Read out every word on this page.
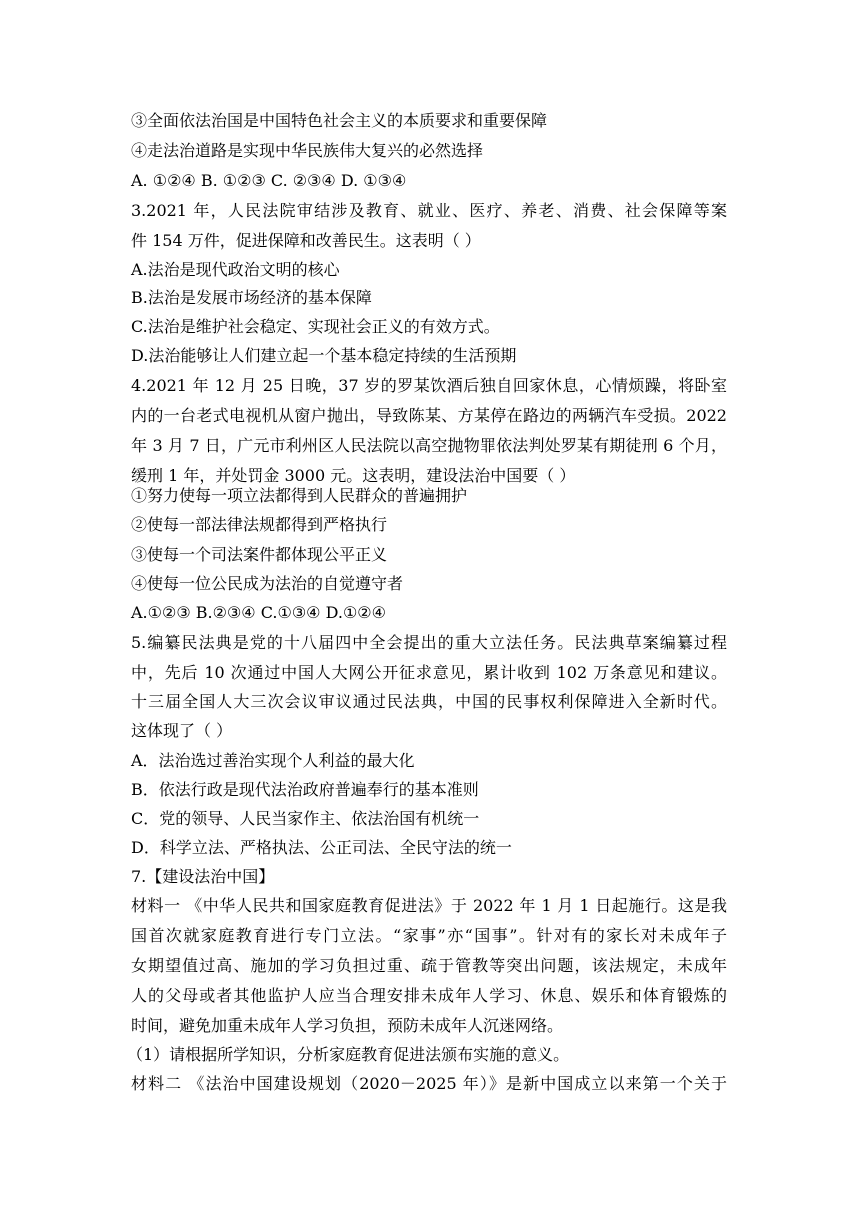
③全面依法治国是中国特色社会主义的本质要求和重要保障
④走法治道路是实现中华民族伟大复兴的必然选择
A. ①②④ B. ①②③ C. ②③④ D. ①③④
3.2021 年，人民法院审结涉及教育、就业、医疗、养老、消费、社会保障等案
件 154 万件，促进保障和改善民生。这表明（ ）
A.法治是现代政治文明的核心
B.法治是发展市场经济的基本保障
C.法治是维护社会稳定、实现社会正义的有效方式。
D.法治能够让人们建立起一个基本稳定持续的生活预期
4.2021 年 12 月 25 日晚，37 岁的罗某饮酒后独自回家休息，心情烦躁，将卧室
内的一台老式电视机从窗户抛出，导致陈某、方某停在路边的两辆汽车受损。2022
年 3 月 7 日，广元市利州区人民法院以高空抛物罪依法判处罗某有期徒刑 6 个月，
缓刑 1 年，并处罚金 3000 元。这表明，建设法治中国要（ ）
①努力使每一项立法都得到人民群众的普遍拥护
②使每一部法律法规都得到严格执行
③使每一个司法案件都体现公平正义
④使每一位公民成为法治的自觉遵守者
A.①②③ B.②③④ C.①③④ D.①②④
5.编纂民法典是党的十八届四中全会提出的重大立法任务。民法典草案编纂过程
中，先后 10 次通过中国人大网公开征求意见，累计收到 102 万条意见和建议。
十三届全国人大三次会议审议通过民法典，中国的民事权利保障进入全新时代。
这体现了（ ）
A．法治选过善治实现个人利益的最大化
B．依法行政是现代法治政府普遍奉行的基本准则
C．党的领导、人民当家作主、依法治国有机统一
D．科学立法、严格执法、公正司法、全民守法的统一
7.【建设法治中国】
材料一 《中华人民共和国家庭教育促进法》于 2022 年 1 月 1 日起施行。这是我
国首次就家庭教育进行专门立法。“家事”亦“国事”。针对有的家长对未成年子
女期望值过高、施加的学习负担过重、疏于管教等突出问题，该法规定，未成年
人的父母或者其他监护人应当合理安排未成年人学习、休息、娱乐和体育锻炼的
时间，避免加重未成年人学习负担，预防未成年人沉迷网络。
（1）请根据所学知识，分析家庭教育促进法颁布实施的意义。
材料二 《法治中国建设规划（2020－2025 年）》是新中国成立以来第一个关于
